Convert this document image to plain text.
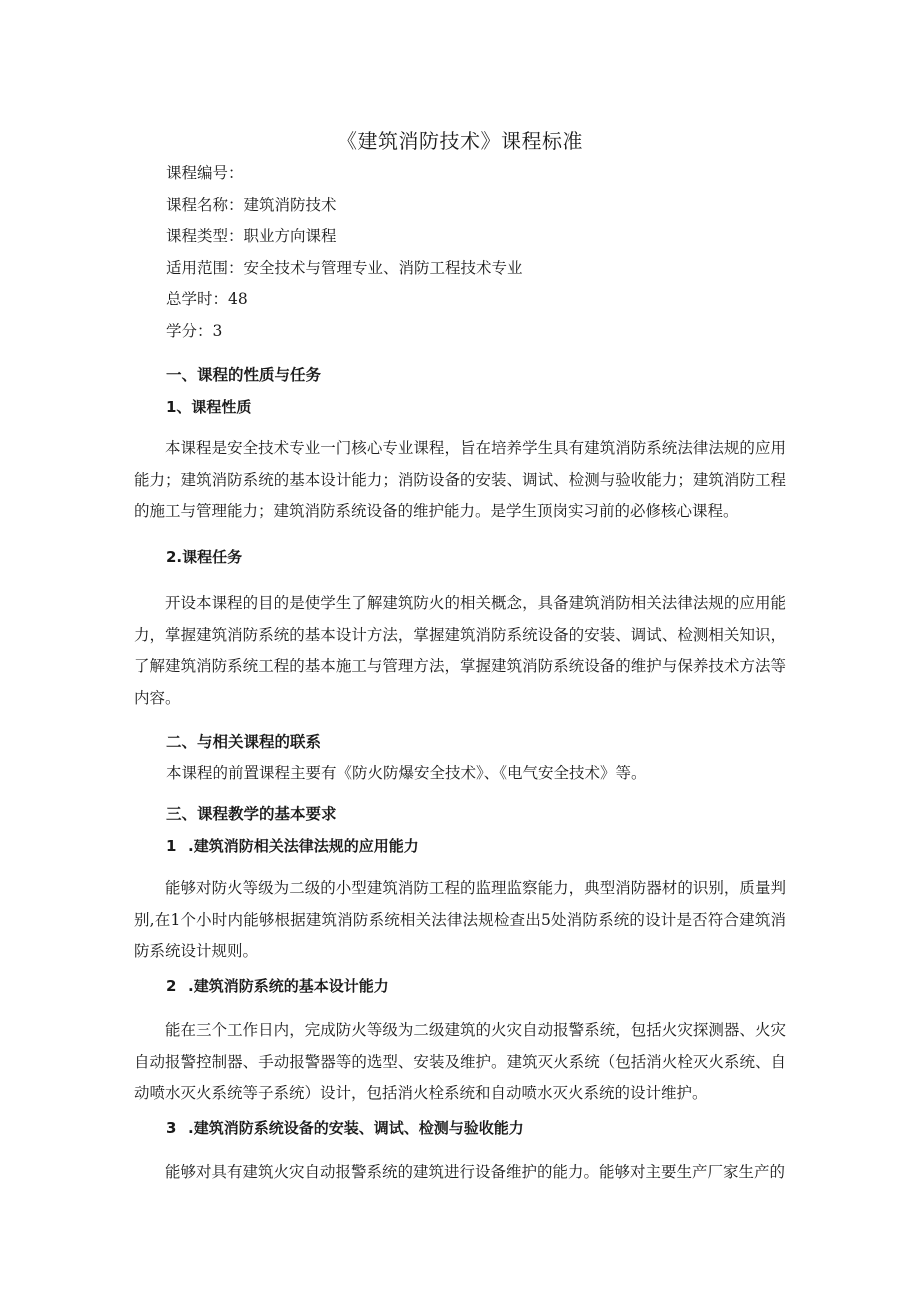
《建筑消防技术》课程标准
课程编号：
课程名称：建筑消防技术
课程类型：职业方向课程
适用范围：安全技术与管理专业、消防工程技术专业
总学时：48
学分：3
一、课程的性质与任务
1、课程性质

本课程是安全技术专业一门核心专业课程，旨在培养学生具有建筑消防系统法律法规的应用能力；建筑消防系统的基本设计能力；消防设备的安装、调试、检测与验收能力；建筑消防工程的施工与管理能力；建筑消防系统设备的维护能力。是学生顶岗实习前的必修核心课程。

2.课程任务

开设本课程的目的是使学生了解建筑防火的相关概念，具备建筑消防相关法律法规的应用能力，掌握建筑消防系统的基本设计方法，掌握建筑消防系统设备的安装、调试、检测相关知识，了解建筑消防系统工程的基本施工与管理方法，掌握建筑消防系统设备的维护与保养技术方法等内容。

二、与相关课程的联系
本课程的前置课程主要有《防火防爆安全技术》、《电气安全技术》等。
三、课程教学的基本要求
1 .建筑消防相关法律法规的应用能力

能够对防火等级为二级的小型建筑消防工程的监理监察能力，典型消防器材的识别，质量判别,在1个小时内能够根据建筑消防系统相关法律法规检查出5处消防系统的设计是否符合建筑消防系统设计规则。

2 .建筑消防系统的基本设计能力

能在三个工作日内，完成防火等级为二级建筑的火灾自动报警系统，包括火灾探测器、火灾自动报警控制器、手动报警器等的选型、安装及维护。建筑灭火系统（包括消火栓灭火系统、自动喷水灭火系统等子系统）设计，包括消火栓系统和自动喷水灭火系统的设计维护。

3 .建筑消防系统设备的安装、调试、检测与验收能力

能够对具有建筑火灾自动报警系统的建筑进行设备维护的能力。能够对主要生产厂家生产的
